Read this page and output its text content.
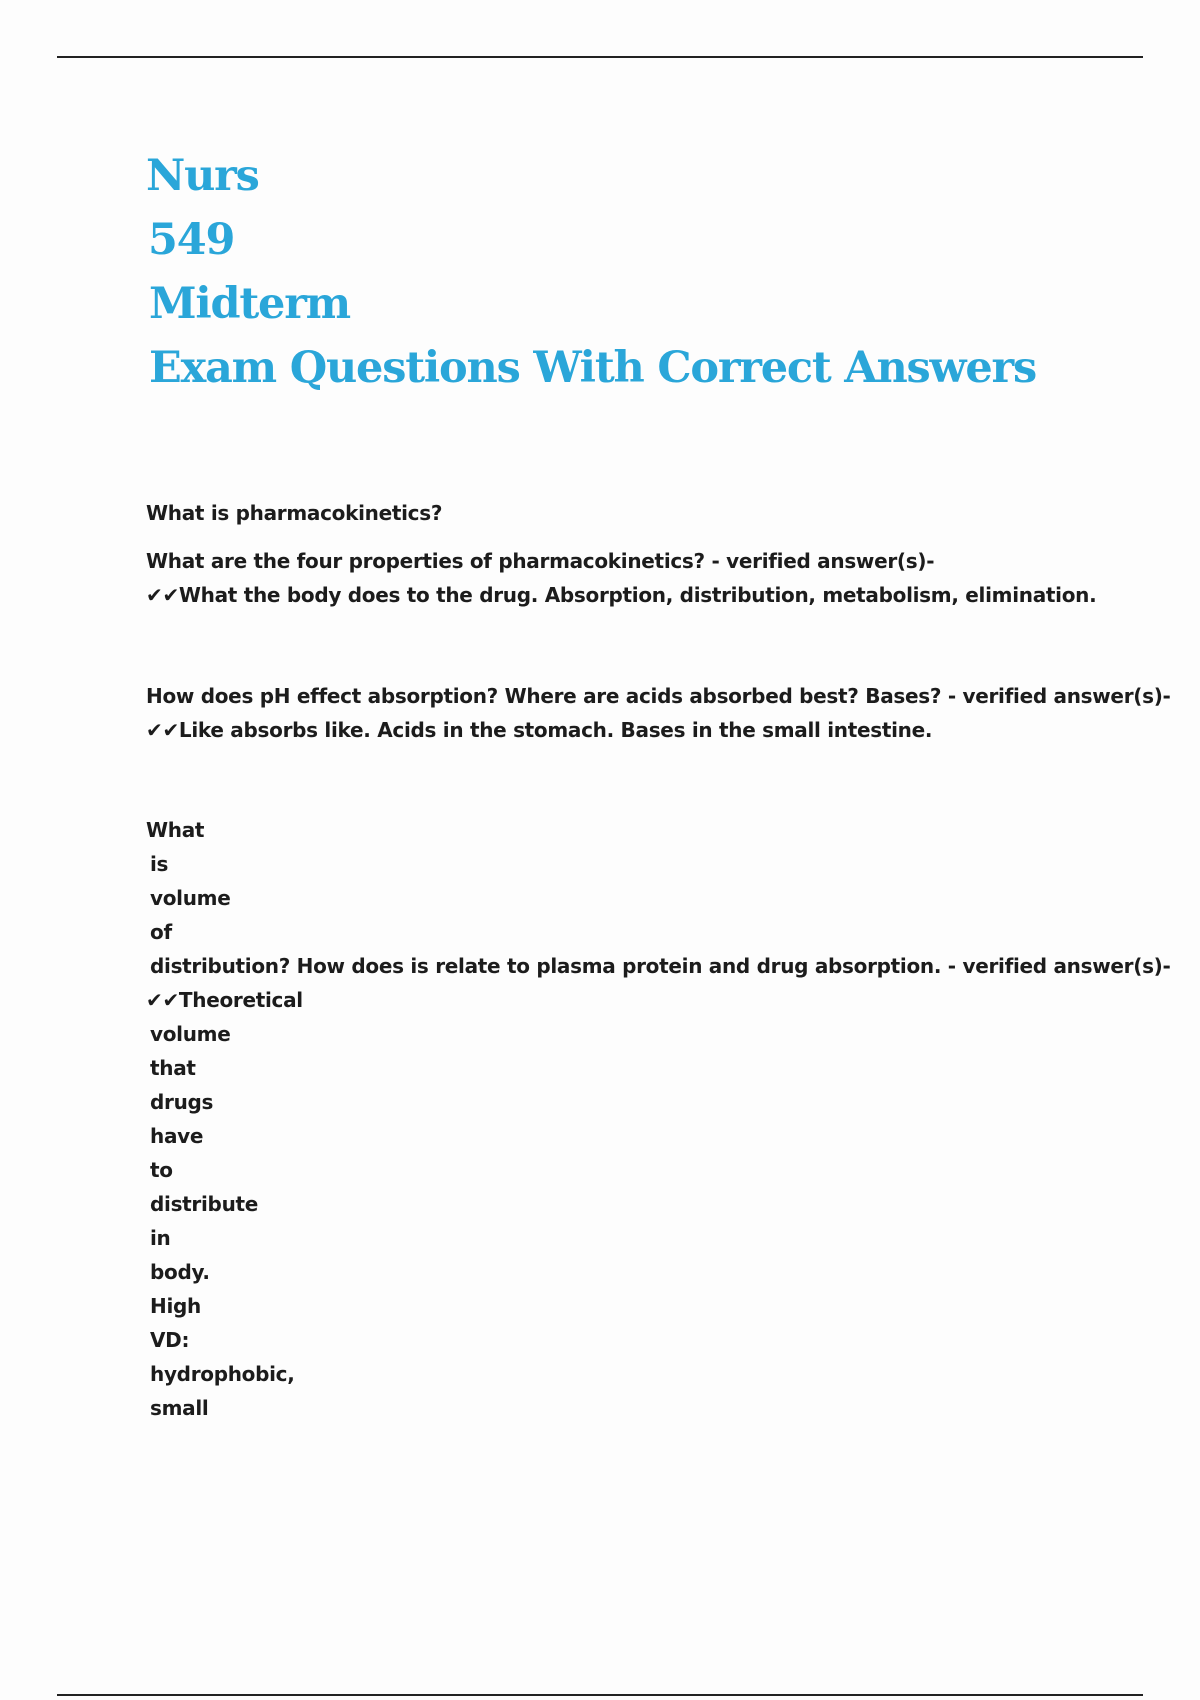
Nurs
549
Midterm
Exam Questions With Correct Answers
What is pharmacokinetics?
What are the four properties of pharmacokinetics? - verified answer(s)-
✔✔What the body does to the drug. Absorption, distribution, metabolism, elimination.
How does pH effect absorption? Where are acids absorbed best? Bases? - verified answer(s)-
✔✔Like absorbs like. Acids in the stomach. Bases in the small intestine.
What
is
volume
of
distribution? How does is relate to plasma protein and drug absorption. - verified answer(s)-
✔✔Theoretical
volume
that
drugs
have
to
distribute
in
body.
High
VD:
hydrophobic,
small
